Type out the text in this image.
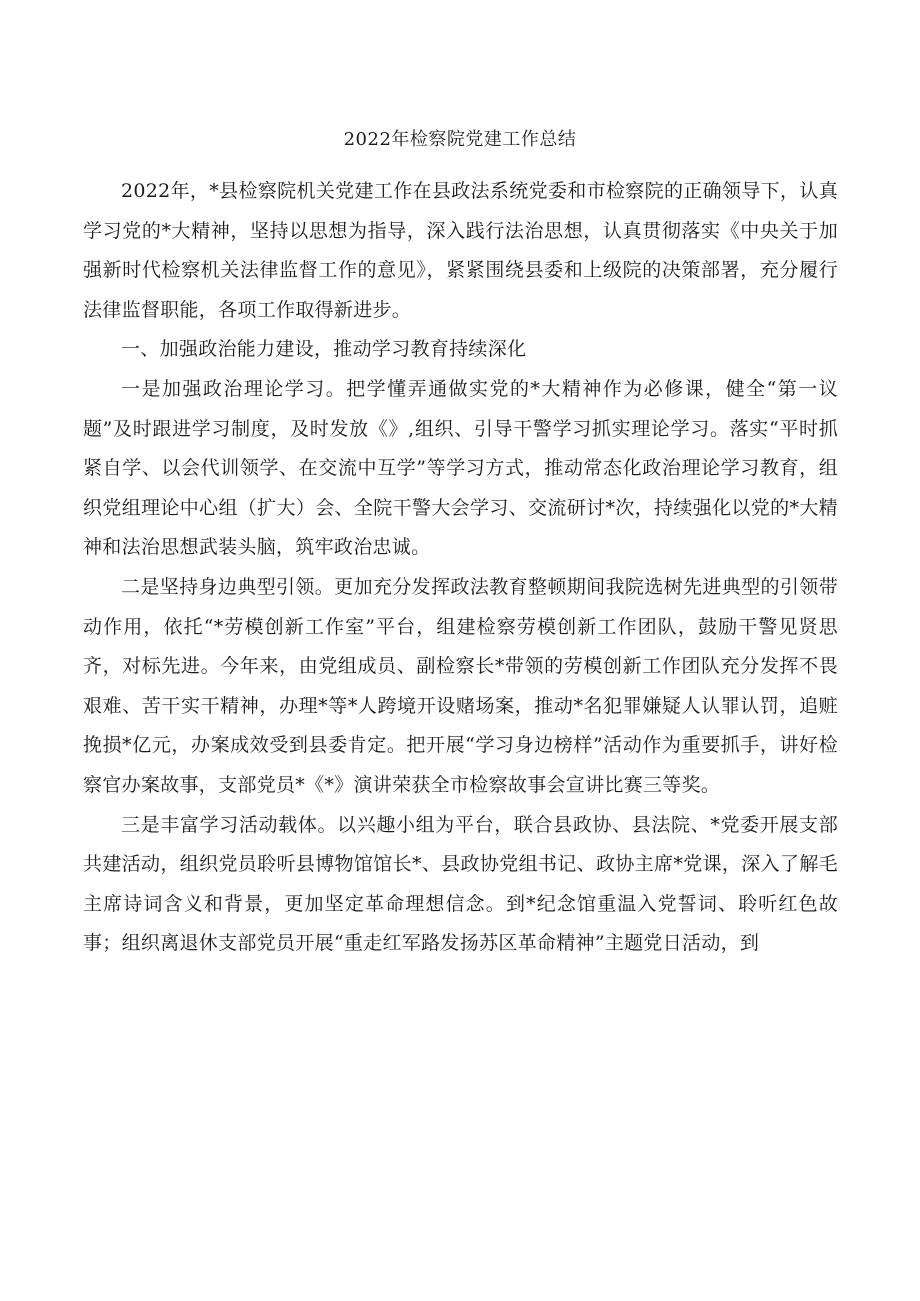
2022年检察院党建工作总结

2022年，*县检察院机关党建工作在县政法系统党委和市检察院的正确领导下，认真学习党的*大精神，坚持以思想为指导，深入践行法治思想，认真贯彻落实《中央关于加强新时代检察机关法律监督工作的意见》，紧紧围绕县委和上级院的决策部署，充分履行法律监督职能，各项工作取得新进步。

一、加强政治能力建设，推动学习教育持续深化

一是加强政治理论学习。把学懂弄通做实党的*大精神作为必修课，健全“第一议题”及时跟进学习制度，及时发放《》,组织、引导干警学习抓实理论学习。落实“平时抓紧自学、以会代训领学、在交流中互学”等学习方式，推动常态化政治理论学习教育，组织党组理论中心组（扩大）会、全院干警大会学习、交流研讨*次，持续强化以党的*大精神和法治思想武装头脑，筑牢政治忠诚。

二是坚持身边典型引领。更加充分发挥政法教育整顿期间我院选树先进典型的引领带动作用，依托“*劳模创新工作室”平台，组建检察劳模创新工作团队，鼓励干警见贤思齐，对标先进。今年来，由党组成员、副检察长*带领的劳模创新工作团队充分发挥不畏艰难、苦干实干精神，办理*等*人跨境开设赌场案，推动*名犯罪嫌疑人认罪认罚，追赃挽损*亿元，办案成效受到县委肯定。把开展“学习身边榜样”活动作为重要抓手，讲好检察官办案故事，支部党员*《*》演讲荣获全市检察故事会宣讲比赛三等奖。

三是丰富学习活动载体。以兴趣小组为平台，联合县政协、县法院、*党委开展支部共建活动，组织党员聆听县博物馆馆长*、县政协党组书记、政协主席*党课，深入了解毛主席诗词含义和背景，更加坚定革命理想信念。到*纪念馆重温入党誓词、聆听红色故事；组织离退休支部党员开展“重走红军路发扬苏区革命精神”主题党日活动，到
